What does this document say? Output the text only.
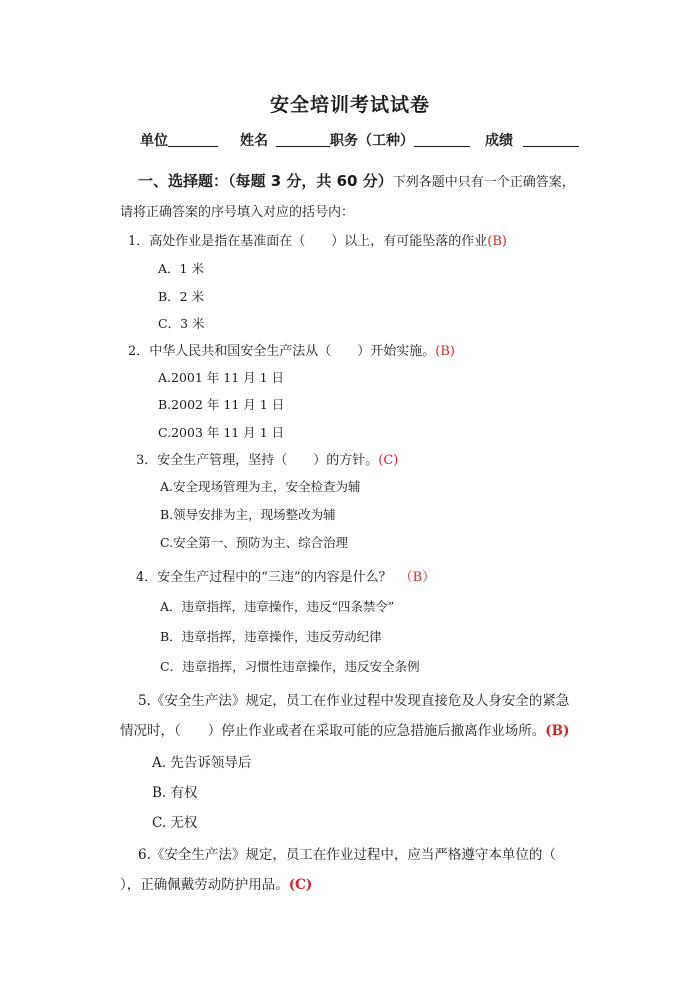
安全培训考试试卷
单位	姓名	职务（工种）	成绩
一、选择题：（每题 3 分，共 60 分）下列各题中只有一个正确答案，
请将正确答案的序号填入对应的括号内：
1．高处作业是指在基准面在（　　）以上，有可能坠落的作业(B)
A．1 米
B．2 米
C．3 米
2．中华人民共和国安全生产法从（　　）开始实施。(B)
A.2001 年 11 月 1 日
B.2002 年 11 月 1 日
C.2003 年 11 月 1 日
3．安全生产管理，坚持（　　）的方针。(C)
A.安全现场管理为主，安全检查为辅
B.领导安排为主，现场整改为辅
C.安全第一、预防为主、综合治理
4．安全生产过程中的“三违”的内容是什么？ （B）
A．违章指挥，违章操作，违反“四条禁令”
B．违章指挥，违章操作，违反劳动纪律
C．违章指挥，习惯性违章操作，违反安全条例
5.《安全生产法》规定，员工在作业过程中发现直接危及人身安全的紧急
情况时，（　　）停止作业或者在采取可能的应急措施后撤离作业场所。(B)
A. 先告诉领导后
B. 有权
C. 无权
6.《安全生产法》规定，员工在作业过程中，应当严格遵守本单位的（
），正确佩戴劳动防护用品。(C)
